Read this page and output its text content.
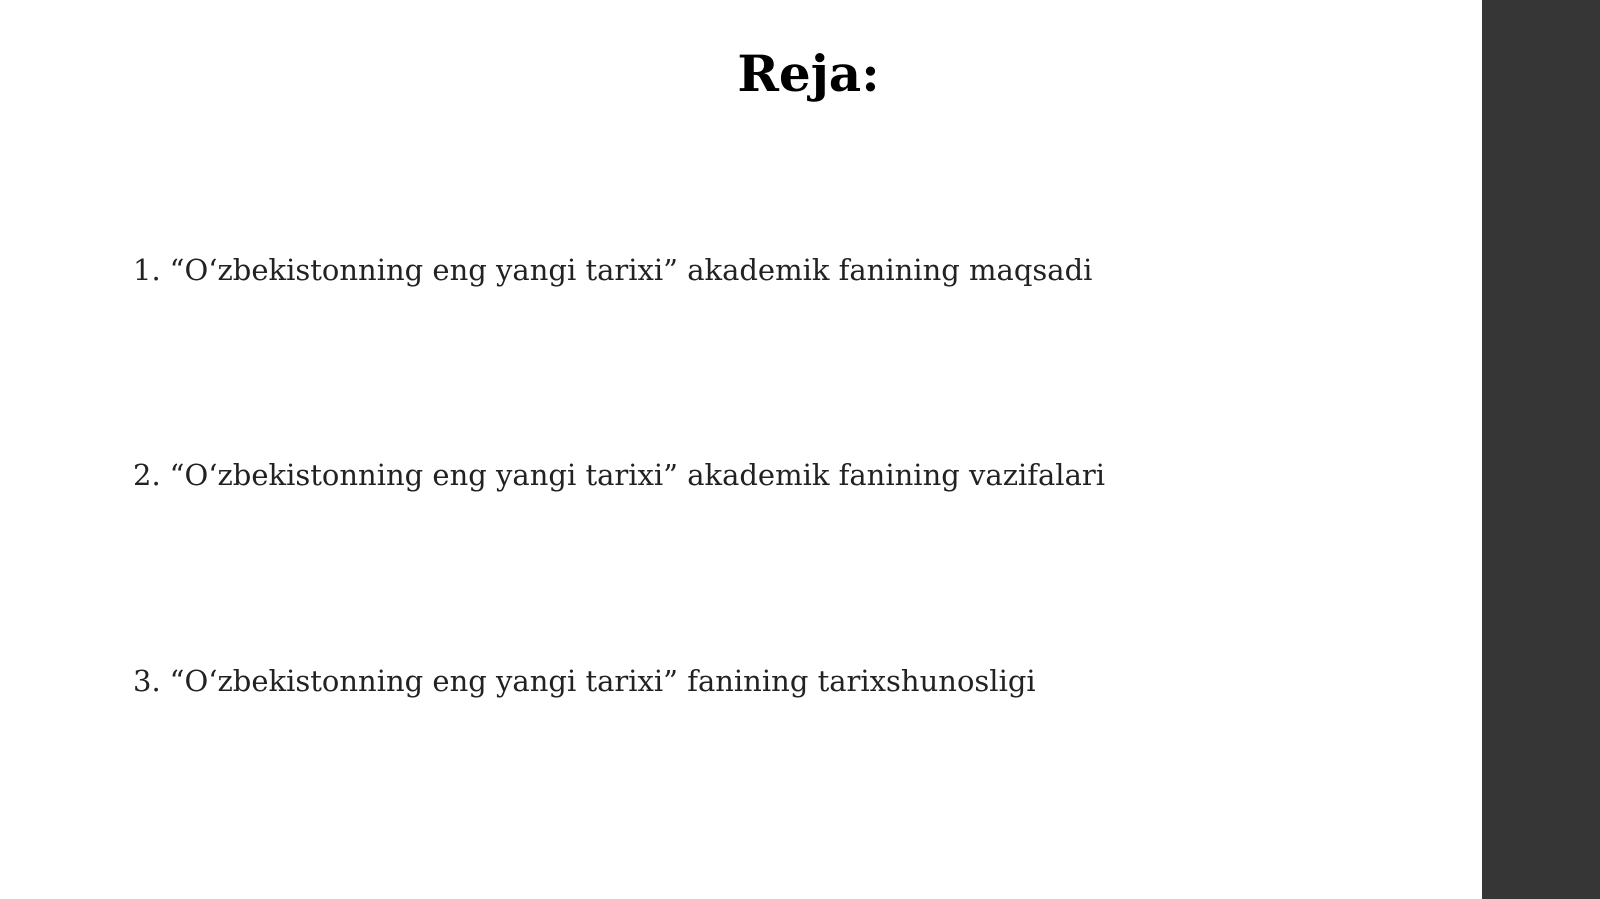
Reja:
1. “O‘zbekistonning eng yangi tarixi” akademik fanining maqsadi
2. “O‘zbekistonning eng yangi tarixi” akademik fanining vazifalari
3. “O‘zbekistonning eng yangi tarixi” fanining tarixshunosligi
